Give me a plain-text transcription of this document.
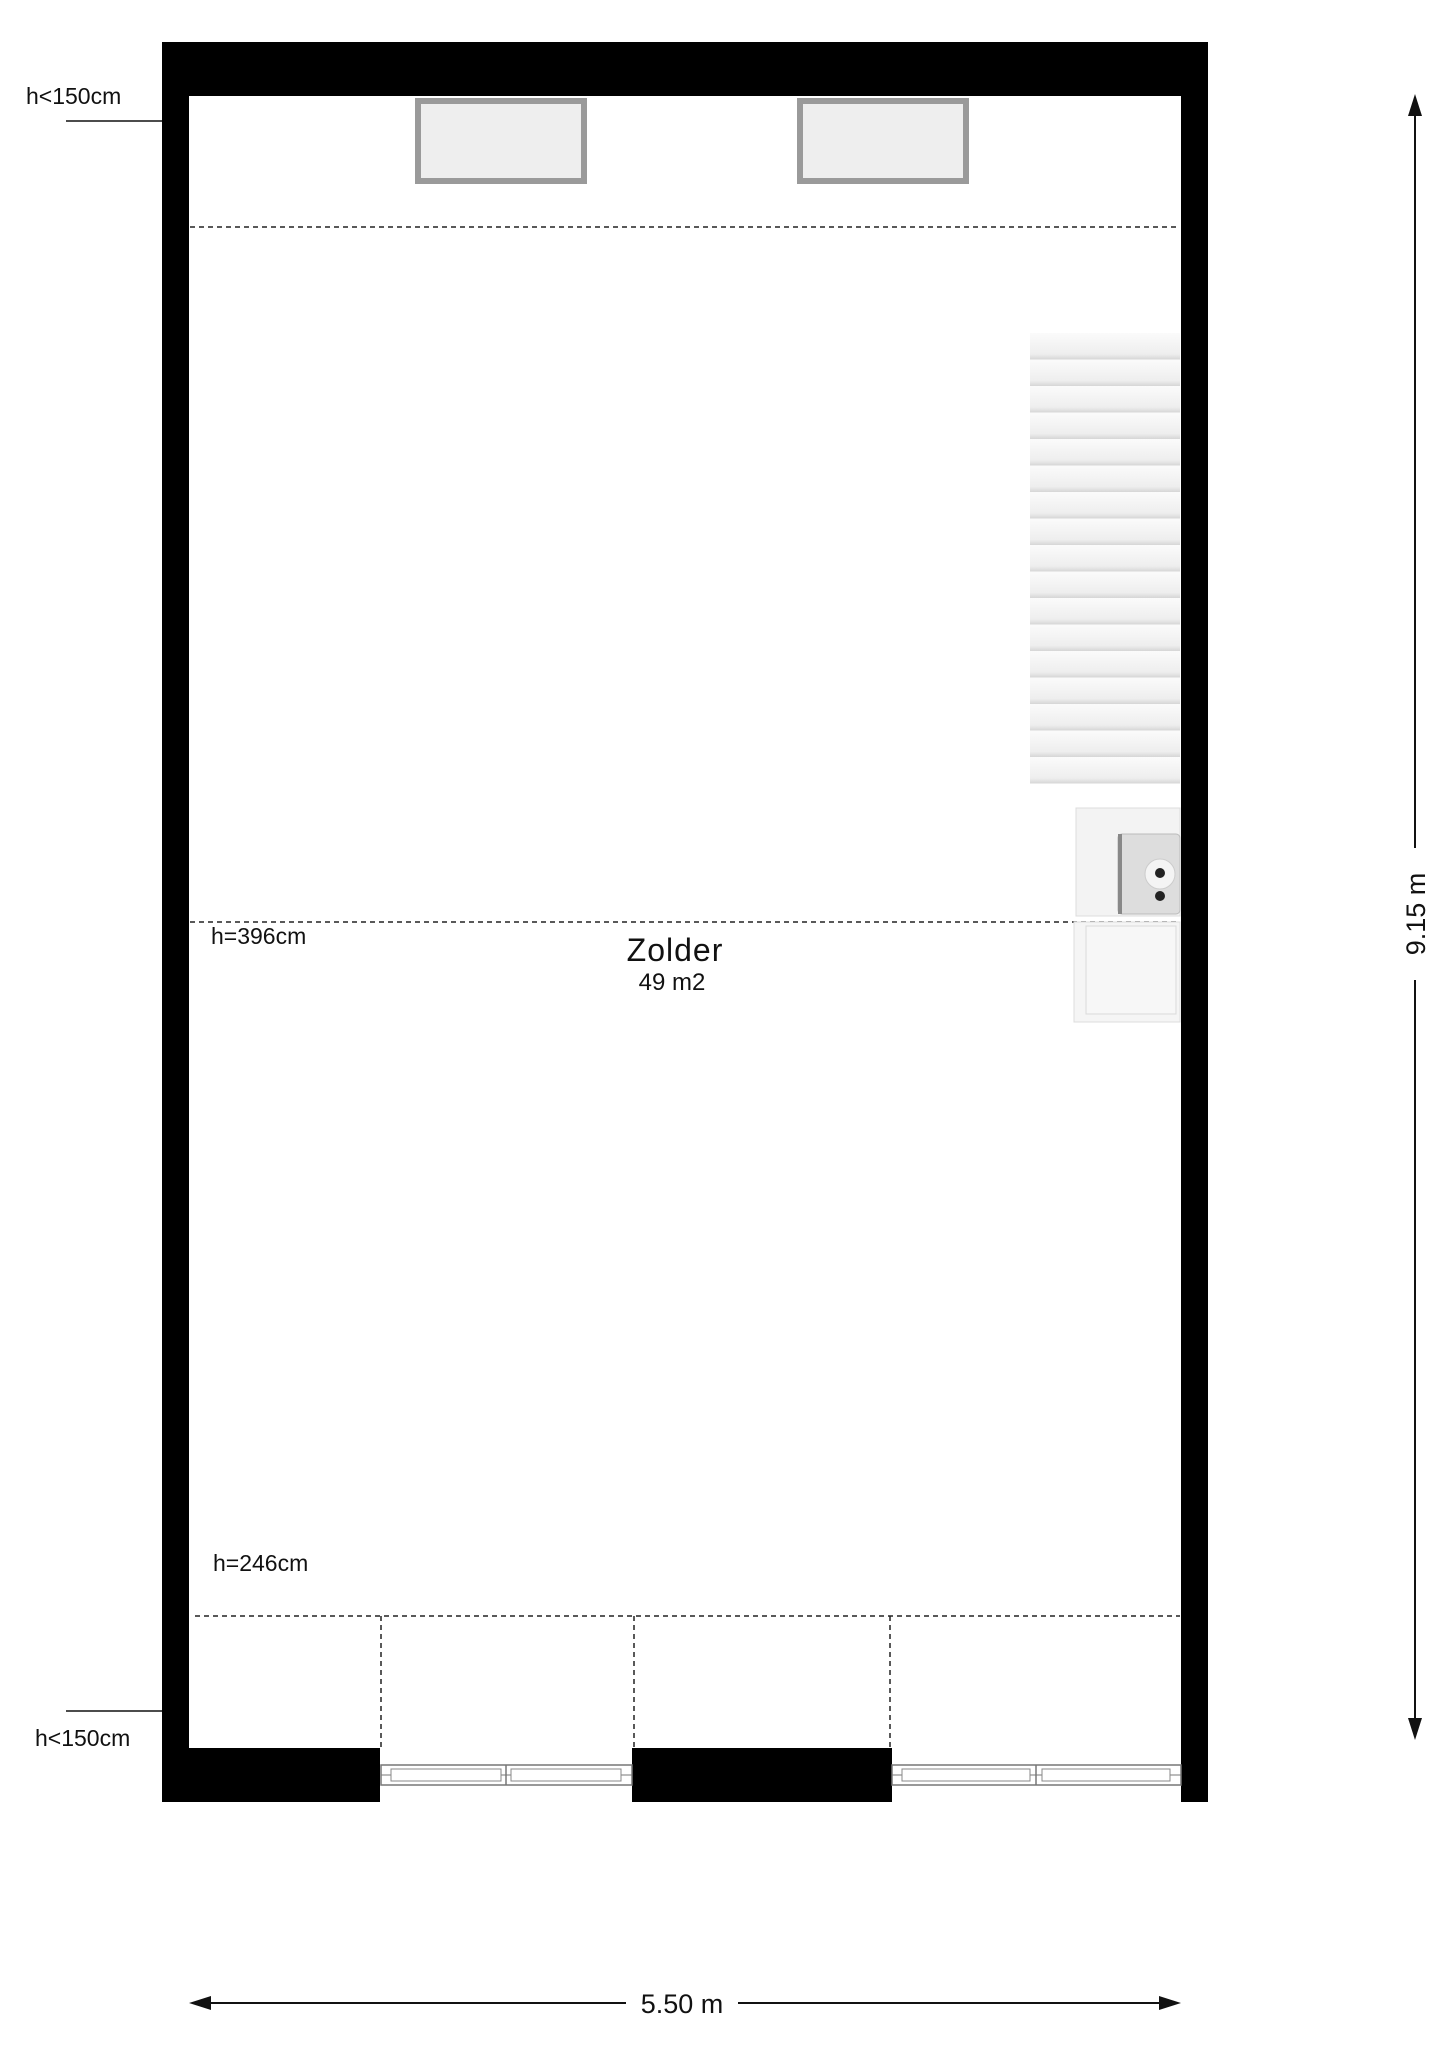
h<150cm
h<150cm
h=396cm
h=246cm
Zolder
49 m2
5.50 m
9.15 m
